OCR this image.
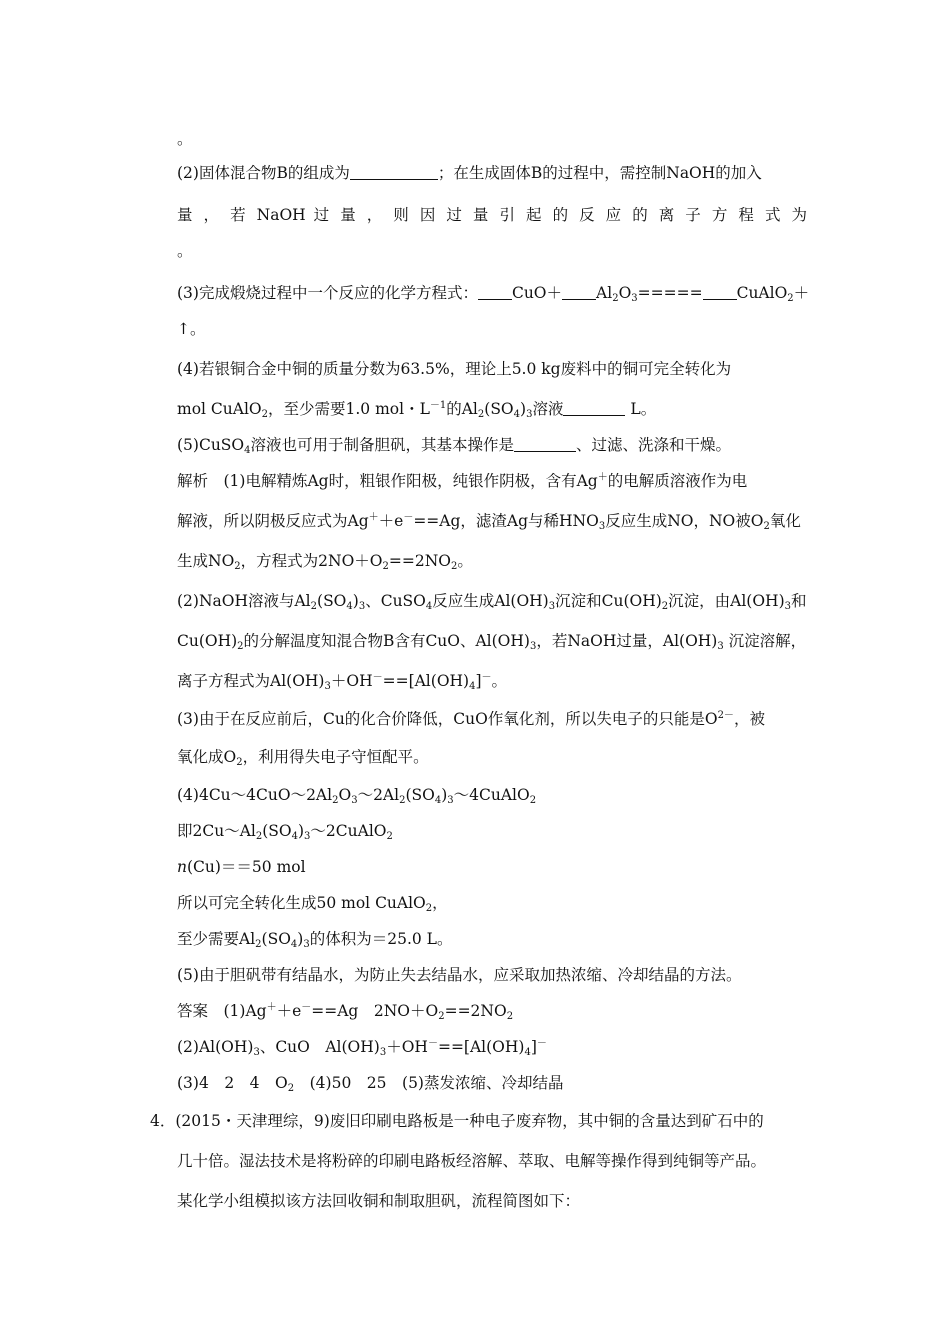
。
(2)固体混合物B的组成为	；在生成固体B的过程中，需控制NaOH的加入
量 ， 若 NaOH 过 量 ， 则 因 过 量 引 起 的 反 应 的 离 子 方 程 式 为
。
(3)完成煅烧过程中一个反应的化学方程式： $CuO+ Al_2O_3=====$ CuAlO$_2$＋
↑。
(4)若银铜合金中铜的质量分数为63.5%，理论上5.0 kg废料中的铜可完全转化为
mol CuAlO$_2$，至少需要1.0 mol・$L^{-1}$的$Al_2(SO_4)_3$溶液	L。
(5)CuSO$_4$溶液也可用于制备胆矾，其基本操作是	、过滤、洗涤和干燥。
解析　(1)电解精炼Ag时，粗银作阳极，纯银作阴极，含有Ag＋的电解质溶液作为电
解液，所以阴极反应式为Ag＋＋e－==Ag，滤渣Ag与稀$HNO_3$反应生成NO，NO被$O_2$氧化
生成$NO_2$，方程式为$2NO+O_2==2NO_2$。
(2)NaOH溶液与$Al_2(SO_4)_3$、CuSO$_4$反应生成$Al(OH)_3$沉淀和$Cu(OH)_2$沉淀，由$Al(OH)_3$和
$Cu(OH)_2$的分解温度知混合物B含有CuO、$Al(OH)_3$，若NaOH过量，$Al(OH)_3$ 沉淀溶解，
离子方程式为$Al(OH)_3+OH^-==[Al(OH)_4]^-$。
(3)由于在反应前后，Cu的化合价降低，CuO作氧化剂，所以失电子的只能是$O^{2-}$，被
氧化成$O_2$，利用得失电子守恒配平。
$(4)4Cu\sim 4CuO\sim 2Al_2O_3\sim 2Al_2(SO_4)_3\sim 4CuAlO_2$
即$2Cu\sim Al_2(SO_4)_3\sim 2CuAlO_2$
n(Cu)＝＝50 mol
所以可完全转化生成50 mol CuAlO$_2$，
至少需要$Al_2(SO_4)_3$的体积为＝25.0 L。
(5)由于胆矾带有结晶水，为防止失去结晶水，应采取加热浓缩、冷却结晶的方法。
答案　(1)Ag＋＋e－==Ag　$2NO+O_2==2NO_2$
$(2)Al(OH)_3$、CuO　$Al(OH)_3+OH^-==[Al(OH)_4]^-$
(3)4　2　4　$O_2$　(4)50　25　(5)蒸发浓缩、冷却结晶
4．(2015・天津理综，9)废旧印刷电路板是一种电子废弃物，其中铜的含量达到矿石中的
几十倍。湿法技术是将粉碎的印刷电路板经溶解、萃取、电解等操作得到纯铜等产品。
某化学小组模拟该方法回收铜和制取胆矾，流程简图如下：
